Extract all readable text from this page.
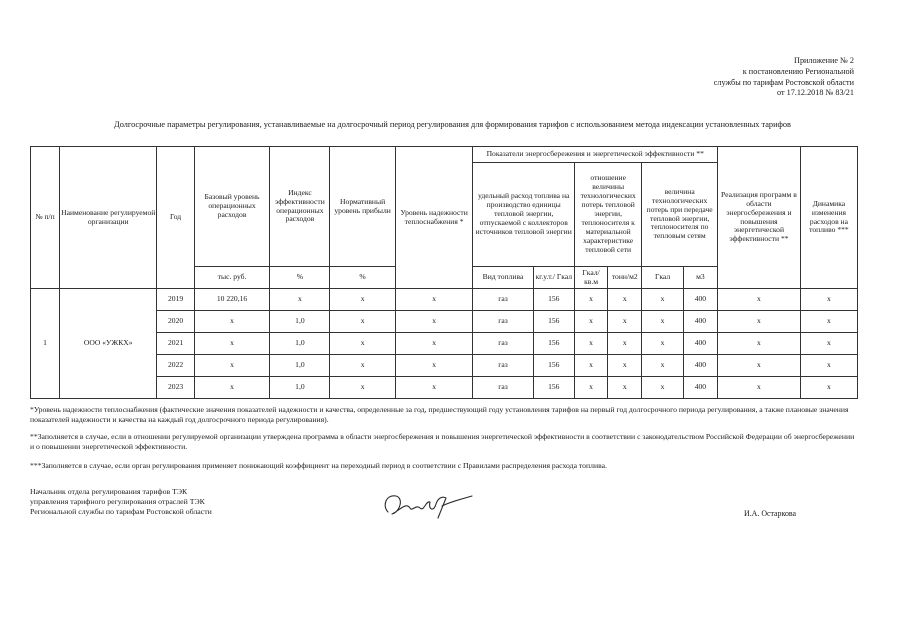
Приложение № 2
к постановлению Региональной
службы по тарифам Ростовской области
от 17.12.2018 № 83/21
Долгосрочные параметры регулирования, устанавливаемые на долгосрочный период регулирования для формирования тарифов с использованием метода индексации установленных тарифов
№ п/п	Наименование регулируемой организации	Год	Базовый уровень операционных расходов	Индекс эффективности операционных расходов	Нормативный уровень прибыли	Уровень надежности теплоснабжения *	Показатели энергосбережения и энергетической эффективности **						Реализация программ в области энергосбережения и повышения энергетической эффективности **	Динамика изменения расходов на топливо ***
							удельный расход топлива на производство единицы тепловой энергии, отпускаемой с коллекторов источников тепловой энергии		отношение величины технологических потерь тепловой энергии, теплоносителя к материальной характеристике тепловой сети		величина технологических потерь при передаче тепловой энергии, теплоносителя по тепловым сетям			
			тыс. руб.	%	%		Вид топлива	кг.у.т./ Гкал	Гкал/ кв.м	тонн/м2	Гкал	м3		
1	ООО «УЖКХ»	2019	10 220,16	х	х	х	газ	156	х	х	х	400	х	х
		2020	х	1,0	х	х	газ	156	х	х	х	400	х	х
		2021	х	1,0	х	х	газ	156	х	х	х	400	х	х
		2022	х	1,0	х	х	газ	156	х	х	х	400	х	х
		2023	х	1,0	х	х	газ	156	х	х	х	400	х	х
*Уровень надежности теплоснабжения (фактические значения показателей надежности и качества, определенные за год, предшествующий году установления тарифов на первый год долгосрочного периода регулирования, а также плановые значения показателей надежности и качества на каждый год долгосрочного периода регулирования).
**Заполняется в случае, если в отношении регулируемой организации утверждена программа в области энергосбережения и повышения энергетической эффективности в соответствии с законодательством Российской Федерации об энергосбережении и о повышении энергетической эффективности.
***Заполняется в случае, если орган регулирования применяет понижающий коэффициент на переходный период в соответствии с Правилами распределения расхода топлива.
Начальник отдела регулирования тарифов ТЭК
управления тарифного регулирования отраслей ТЭК
Региональной службы по тарифам Ростовской области	И.А. Остаркова
